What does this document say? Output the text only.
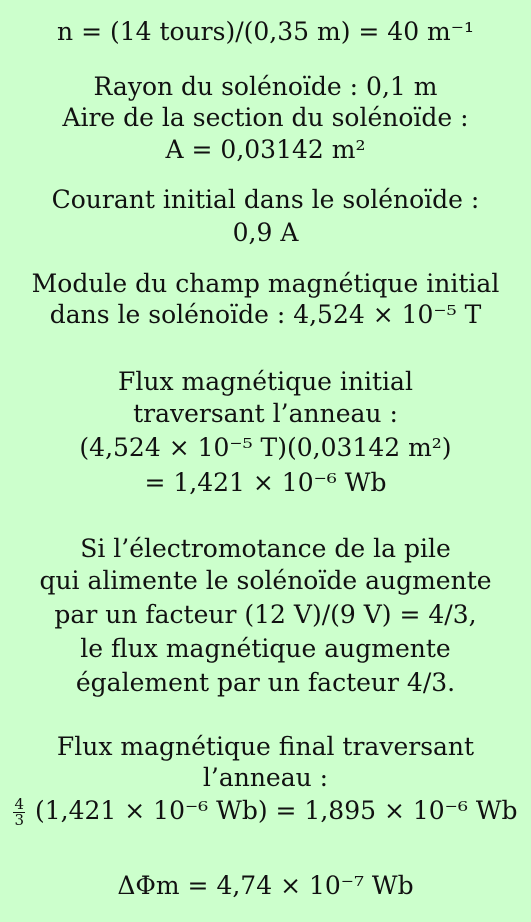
n = (14 tours)/(0,35 m) = 40 m⁻¹
Rayon du solénoïde : 0,1 m
Aire de la section du solénoïde :
A = 0,03142 m²
Courant initial dans le solénoïde :
0,9 A
Module du champ magnétique initial
dans le solénoïde : 4,524 × 10⁻⁵ T
Flux magnétique initial
traversant l’anneau :
(4,524 × 10⁻⁵ T)(0,03142 m²)
= 1,421 × 10⁻⁶ Wb
Si l’électromotance de la pile
qui alimente le solénoïde augmente
par un facteur (12 V)/(9 V) = 4/3,
le flux magnétique augmente
également par un facteur 4/3.
Flux magnétique final traversant
l’anneau :
$\frac{4}{3} (1,421 \times 10^{-6}$ Wb) = 1,895 × 10⁻⁶ Wb
ΔΦm = 4,74 × 10⁻⁷ Wb
